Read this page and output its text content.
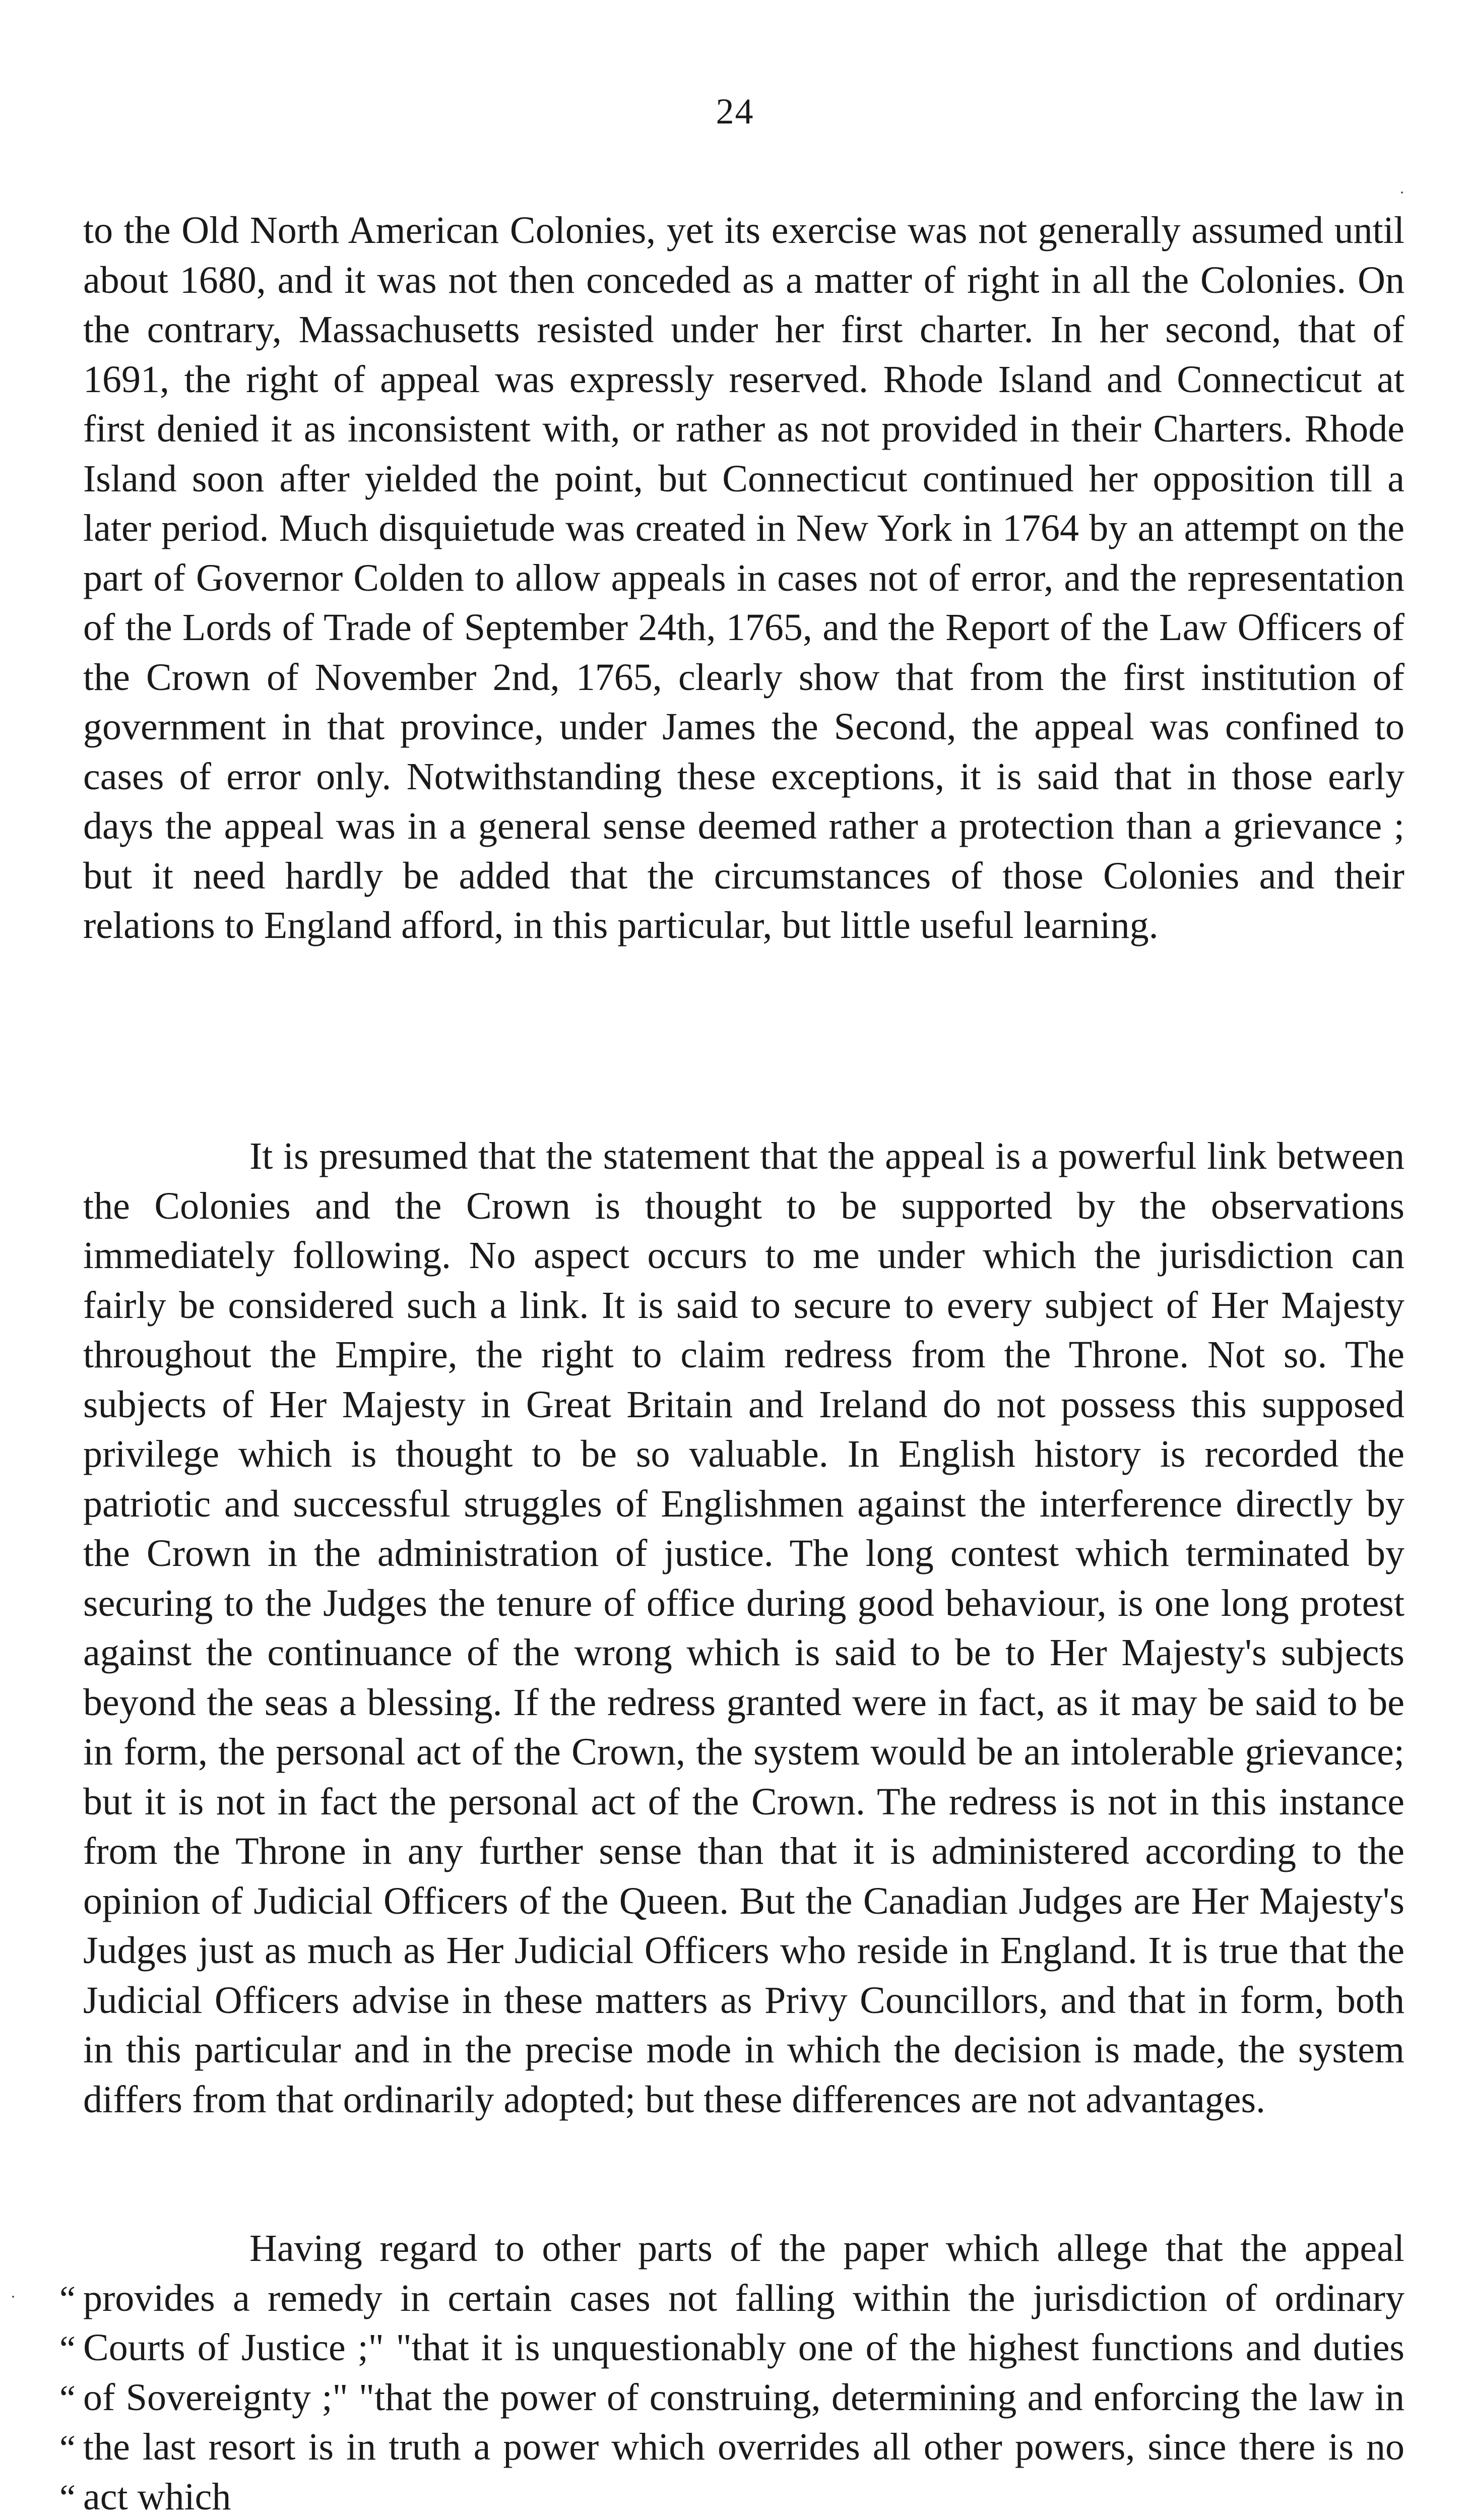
24

to the Old North American Colonies, yet its exercise was not generally assumed until about 1680, and it was not then conceded as a matter of right in all the Colonies. On the contrary, Massachusetts resisted under her first charter. In her second, that of 1691, the right of appeal was expressly reserved. Rhode Island and Connecticut at first denied it as inconsistent with, or rather as not provided in their Charters. Rhode Island soon after yielded the point, but Connecticut continued her opposition till a later period. Much disquietude was created in New York in 1764 by an attempt on the part of Governor Colden to allow appeals in cases not of error, and the representation of the Lords of Trade of September 24th, 1765, and the Report of the Law Officers of the Crown of November 2nd, 1765, clearly show that from the first institution of government in that province, under James the Second, the appeal was confined to cases of error only. Notwithstanding these exceptions, it is said that in those early days the appeal was in a general sense deemed rather a protection than a grievance ; but it need hardly be added that the circumstances of those Colonies and their relations to England afford, in this particular, but little useful learning.

It is presumed that the statement that the appeal is a powerful link between the Colonies and the Crown is thought to be supported by the observations immediately following. No aspect occurs to me under which the jurisdiction can fairly be considered such a link. It is said to secure to every subject of Her Majesty throughout the Empire, the right to claim redress from the Throne. Not so. The subjects of Her Majesty in Great Britain and Ireland do not possess this supposed privilege which is thought to be so valuable. In English history is recorded the patriotic and successful struggles of Englishmen against the interference directly by the Crown in the administration of justice. The long contest which terminated by securing to the Judges the tenure of office during good behaviour, is one long protest against the continuance of the wrong which is said to be to Her Majesty's subjects beyond the seas a blessing. If the redress granted were in fact, as it may be said to be in form, the personal act of the Crown, the system would be an intolerable grievance; but it is not in fact the personal act of the Crown. The redress is not in this instance from the Throne in any further sense than that it is administered according to the opinion of Judicial Officers of the Queen. But the Canadian Judges are Her Majesty's Judges just as much as Her Judicial Officers who reside in England. It is true that the Judicial Officers advise in these matters as Privy Councillors, and that in form, both in this particular and in the precise mode in which the decision is made, the system differs from that ordinarily adopted; but these differences are not advantages.

Having regard to other parts of the paper which allege that the appeal provides a remedy in certain cases not falling within the jurisdiction of ordinary Courts of Justice ;" "that it is unquestionably one of the highest functions and duties of Sovereignty ;" "that the power of construing, determining and enforcing the law in the last resort is in truth a power which overrides all other powers, since there is no act which

“
“
“
“
“
